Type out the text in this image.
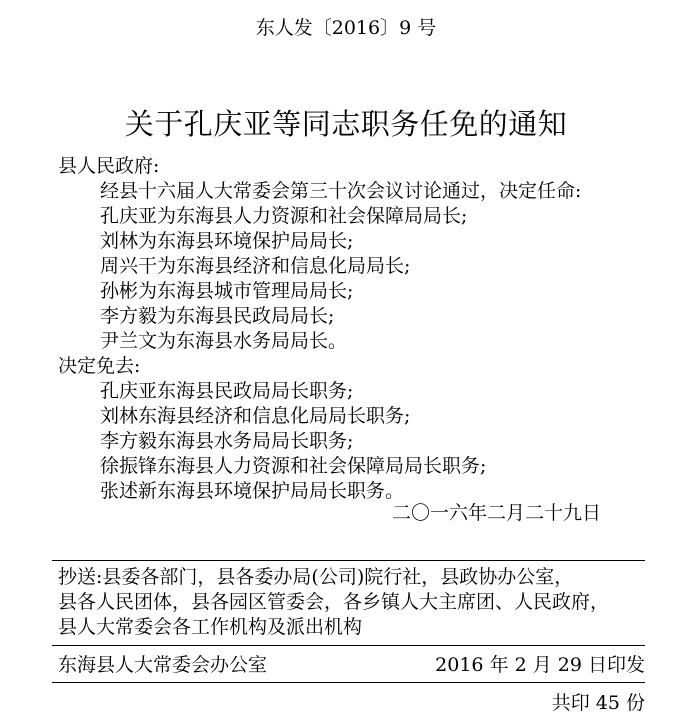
东人发〔2016〕9 号
关于孔庆亚等同志职务任免的通知
县人民政府:
经县十六届人大常委会第三十次会议讨论通过，决定任命:
孔庆亚为东海县人力资源和社会保障局局长;
刘林为东海县环境保护局局长;
周兴干为东海县经济和信息化局局长;
孙彬为东海县城市管理局局长;
李方毅为东海县民政局局长;
尹兰文为东海县水务局局长。
决定免去:
孔庆亚东海县民政局局长职务;
刘林东海县经济和信息化局局长职务;
李方毅东海县水务局局长职务;
徐振锋东海县人力资源和社会保障局局长职务;
张述新东海县环境保护局局长职务。
二〇一六年二月二十九日
抄送:县委各部门，县各委办局(公司)院行社，县政协办公室，
县各人民团体，县各园区管委会，各乡镇人大主席团、人民政府，
县人大常委会各工作机构及派出机构
东海县人大常委会办公室	2016 年 2 月 29 日印发
共印 45 份
